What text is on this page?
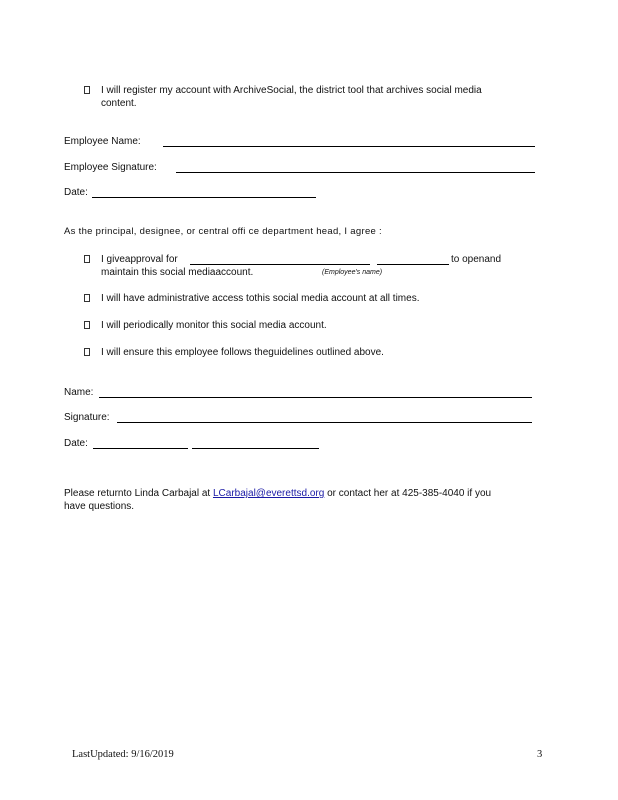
I will register my account with ArchiveSocial, the district tool that archives social media
content.
Employee Name:
Employee Signature:
Date:
As the principal, designee, or central offi ce department head, I agree :
I giveapproval for	to openand
maintain this social mediaaccount.	(Employee's name)
I will have administrative access tothis social media account at all times.
I will periodically monitor this social media account.
I will ensure this employee follows theguidelines outlined above.
Name:
Signature:
Date:
Please returnto Linda Carbajal at LCarbajal@everettsd.org or contact her at 425-385-4040 if you
have questions.
LastUpdated: 9/16/2019	3
